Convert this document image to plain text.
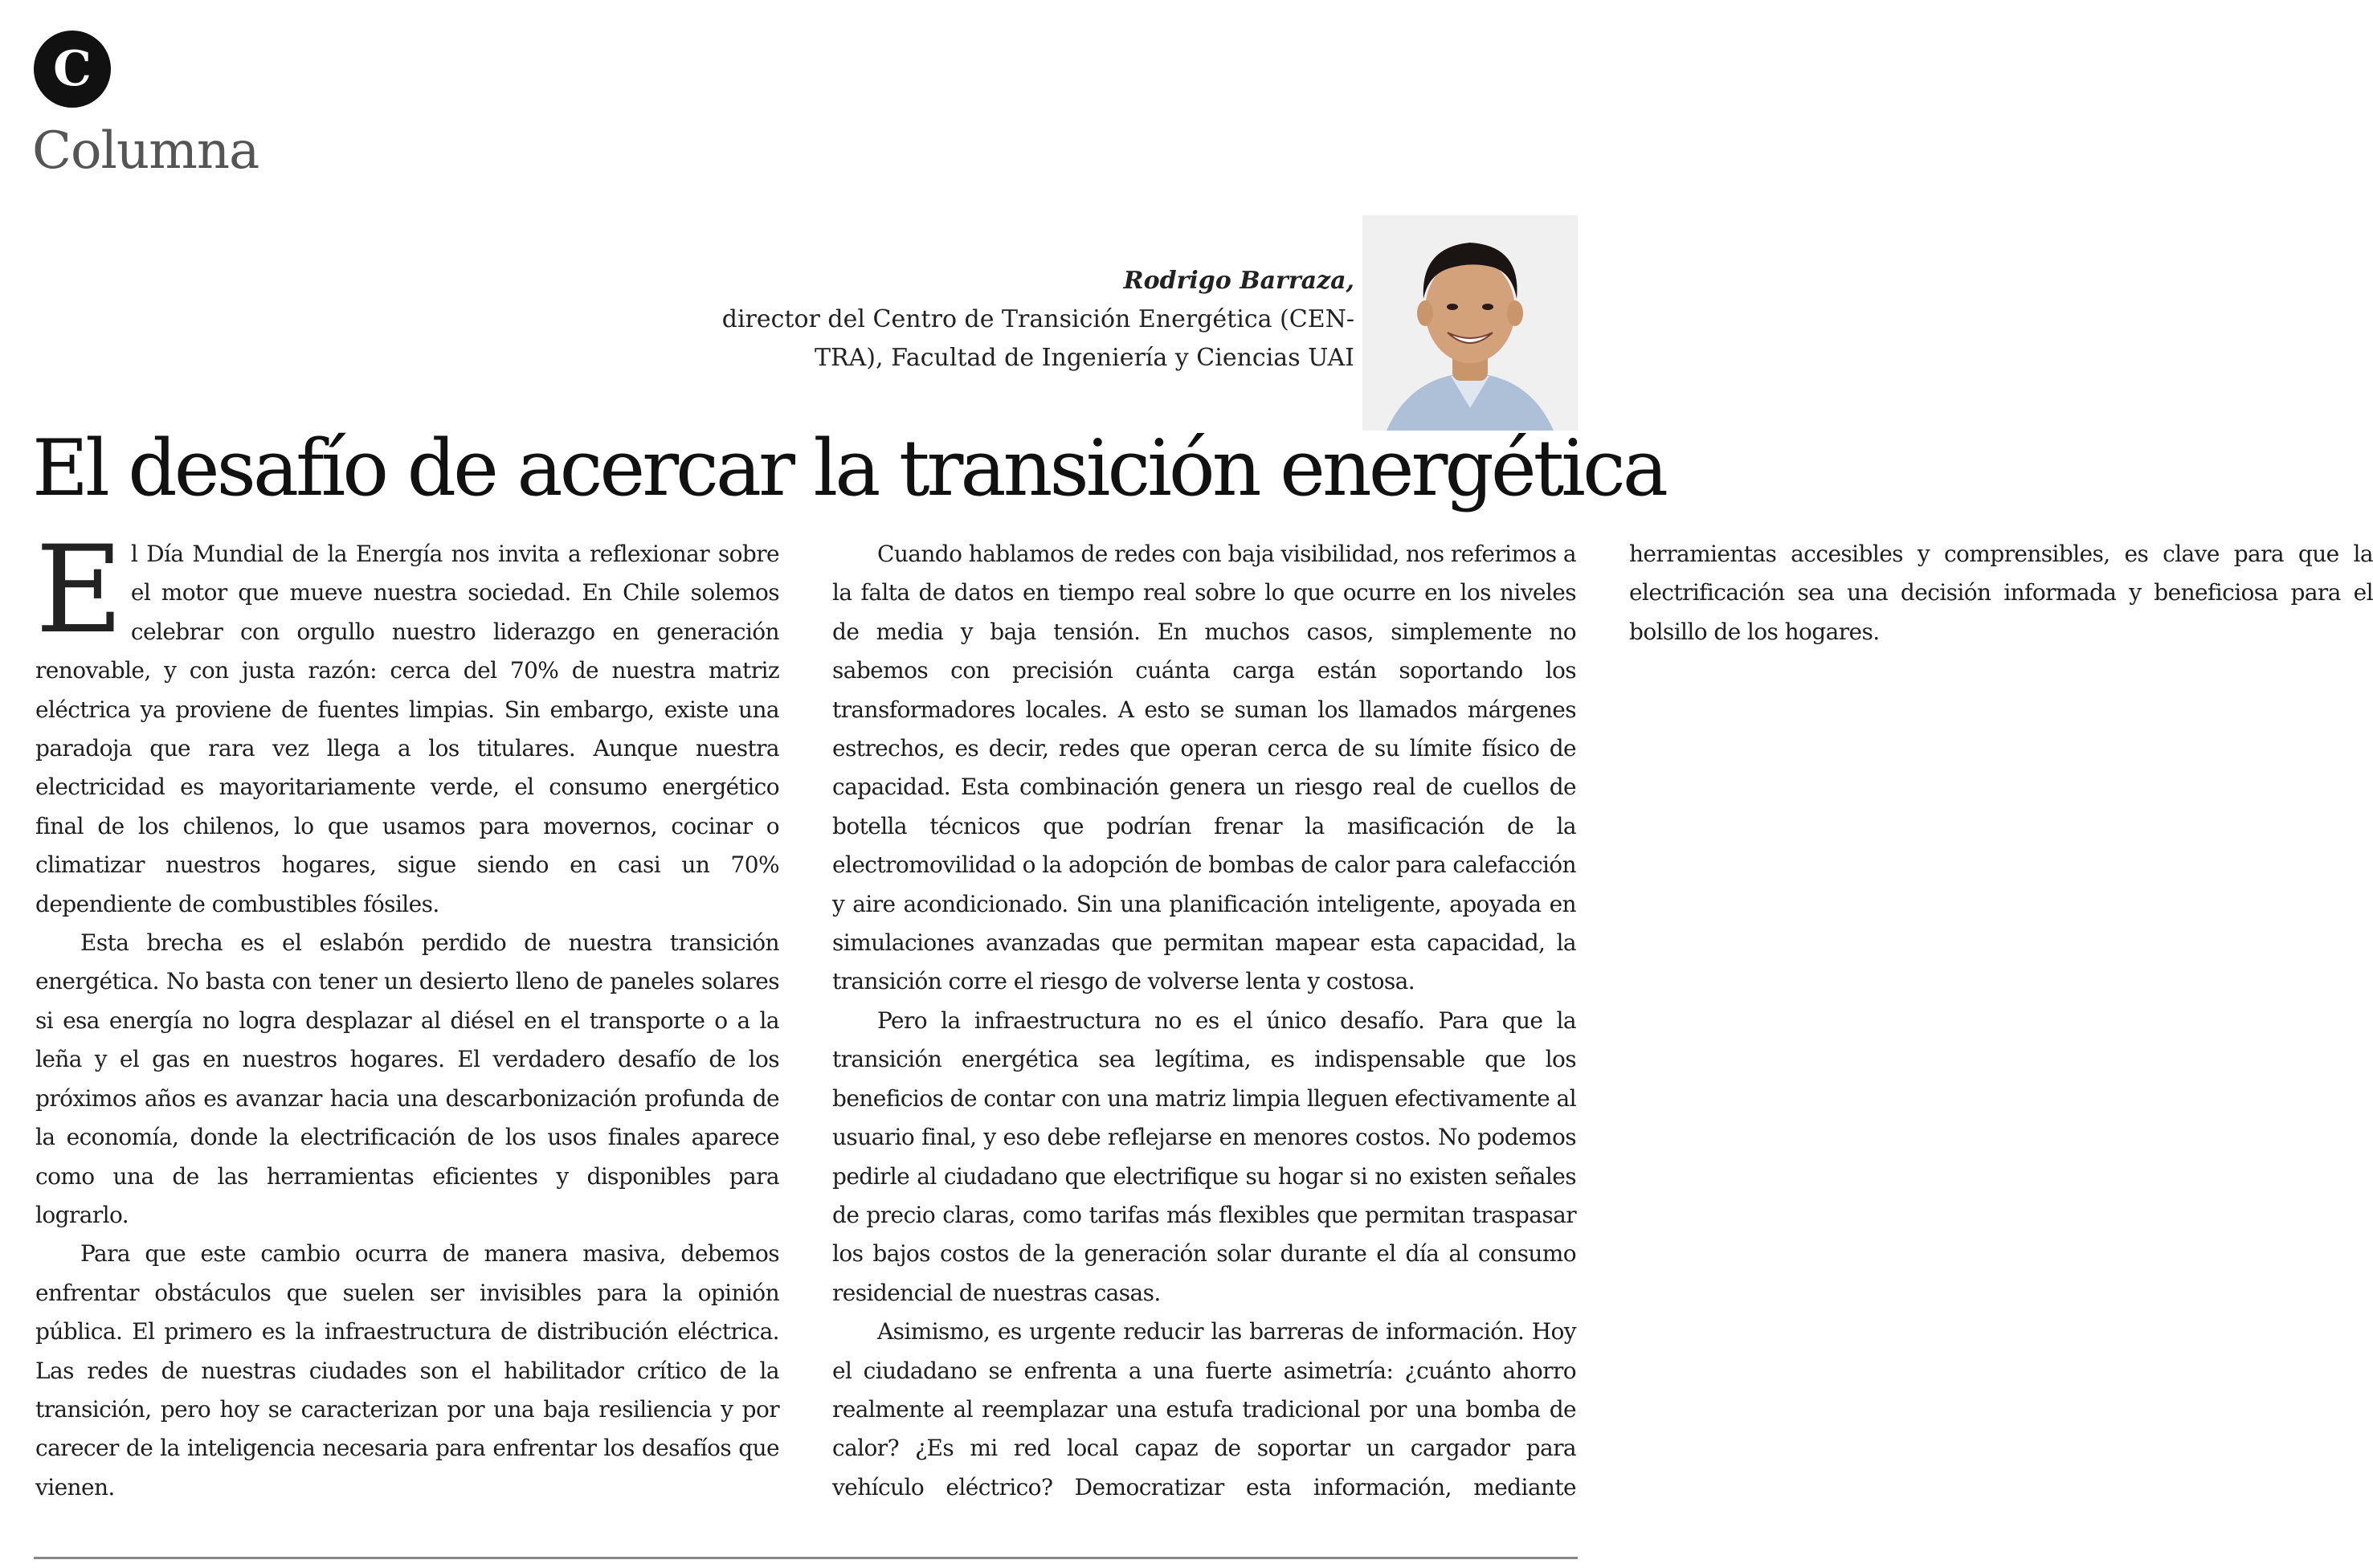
C
Columna
Rodrigo Barraza,
director del Centro de Transición Energética (CEN-
TRA), Facultad de Ingeniería y Ciencias UAI
El desafío de acercar la transición energética

El Día Mundial de la Energía nos invita a reflexionar sobre el motor que mueve nuestra sociedad. En Chile solemos celebrar con orgullo nuestro liderazgo en generación renovable, y con justa razón: cerca del 70% de nuestra matriz eléctrica ya proviene de fuentes limpias. Sin embargo, existe una paradoja que rara vez llega a los titulares. Aunque nuestra electricidad es mayoritariamente verde, el consumo energético final de los chilenos, lo que usamos para movernos, cocinar o climatizar nuestros hogares, sigue siendo en casi un 70% dependiente de combustibles fósiles.

Esta brecha es el eslabón perdido de nuestra transición energética. No basta con tener un desierto lleno de paneles solares si esa energía no logra desplazar al diésel en el transporte o a la leña y el gas en nuestros hogares. El verdadero desafío de los próximos años es avanzar hacia una descarbonización profunda de la economía, donde la electrificación de los usos finales aparece como una de las herramientas eficientes y disponibles para lograrlo.

Para que este cambio ocurra de manera masiva, debemos enfrentar obstáculos que suelen ser invisibles para la opinión pública. El primero es la infraestructura de distribución eléctrica. Las redes de nuestras ciudades son el habilitador crítico de la transición, pero hoy se caracterizan por una baja resiliencia y por carecer de la inteligencia necesaria para enfrentar los desafíos que vienen.

Cuando hablamos de redes con baja visibilidad, nos referimos a la falta de datos en tiempo real sobre lo que ocurre en los niveles de media y baja tensión. En muchos casos, simplemente no sabemos con precisión cuánta carga están soportando los transformadores locales. A esto se suman los llamados márgenes estrechos, es decir, redes que operan cerca de su límite físico de capacidad. Esta combinación genera un riesgo real de cuellos de botella técnicos que podrían frenar la masificación de la electromovilidad o la adopción de bombas de calor para calefacción y aire acondicionado. Sin una planificación inteligente, apoyada en simulaciones avanzadas que permitan mapear esta capacidad, la transición corre el riesgo de volverse lenta y costosa.

Pero la infraestructura no es el único desafío. Para que la transición energética sea legítima, es indispensable que los beneficios de contar con una matriz limpia lleguen efectivamente al usuario final, y eso debe reflejarse en menores costos. No podemos pedirle al ciudadano que electrifique su hogar si no existen señales de precio claras, como tarifas más flexibles que permitan traspasar los bajos costos de la generación solar durante el día al consumo residencial de nuestras casas.

Asimismo, es urgente reducir las barreras de información. Hoy el ciudadano se enfrenta a una fuerte asimetría: ¿cuánto ahorro realmente al reemplazar una estufa tradicional por una bomba de calor? ¿Es mi red local capaz de soportar un cargador para vehículo eléctrico? Democratizar esta información, mediante herramientas accesibles y comprensibles, es clave para que la electrificación sea una decisión informada y beneficiosa para el bolsillo de los hogares.
